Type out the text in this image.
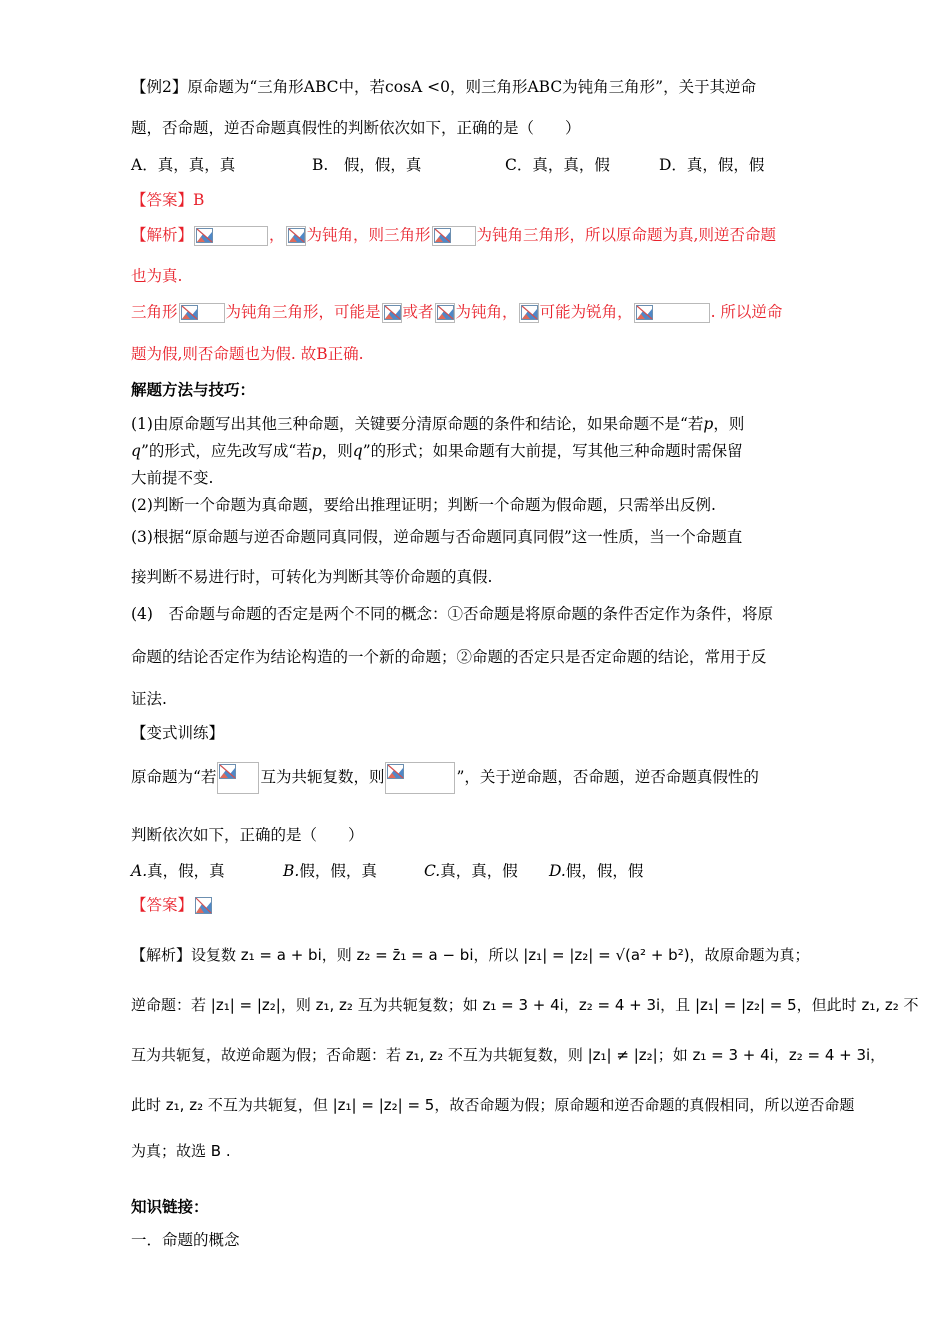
【例2】原命题为“三角形ABC中，若cosA <0，则三角形ABC为钝角三角形”，关于其逆命
题，否命题，逆否命题真假性的判断依次如下，正确的是（　　）
A．真，真，真	B.　假，假，真	C．真，真，假	D．真，假，假
【答案】B
【解析】	， 为钝角，则三角形	为钝角三角形，所以原命题为真,则逆否命题
也为真.
三角形	为钝角三角形，可能是 或者 为钝角， 可能为锐角，	. 所以逆命
题为假,则否命题也为假. 故B正确.
解题方法与技巧：
(1)由原命题写出其他三种命题，关键要分清原命题的条件和结论，如果命题不是“若p，则
q”的形式，应先改写成“若p，则q”的形式；如果命题有大前提，写其他三种命题时需保留
大前提不变.
(2)判断一个命题为真命题，要给出推理证明；判断一个命题为假命题，只需举出反例.
(3)根据“原命题与逆否命题同真同假，逆命题与否命题同真同假”这一性质，当一个命题直
接判断不易进行时，可转化为判断其等价命题的真假.
(4)　否命题与命题的否定是两个不同的概念：①否命题是将原命题的条件否定作为条件，将原
命题的结论否定作为结论构造的一个新的命题；②命题的否定只是否定命题的结论，常用于反
证法.
【变式训练】
原命题为“若	互为共轭复数，则	”，关于逆命题，否命题，逆否命题真假性的
判断依次如下，正确的是（　　）
A.真，假，真	B.假，假，真	C.真，真，假 D.假，假，假
【答案】
【解析】设复数 z₁ = a + bi，则 z₂ = z̄₁ = a − bi，所以 |z₁| = |z₂| = √(a² + b²)，故原命题为真；
逆命题：若 |z₁| = |z₂|，则 z₁, z₂ 互为共轭复数；如 z₁ = 3 + 4i，z₂ = 4 + 3i，且 |z₁| = |z₂| = 5，但此时 z₁, z₂ 不
互为共轭复，故逆命题为假；否命题：若 z₁, z₂ 不互为共轭复数，则 |z₁| ≠ |z₂|；如 z₁ = 3 + 4i，z₂ = 4 + 3i，
此时 z₁, z₂ 不互为共轭复，但 |z₁| = |z₂| = 5，故否命题为假；原命题和逆否命题的真假相同，所以逆否命题
为真；故选 B .
知识链接：
一．命题的概念
